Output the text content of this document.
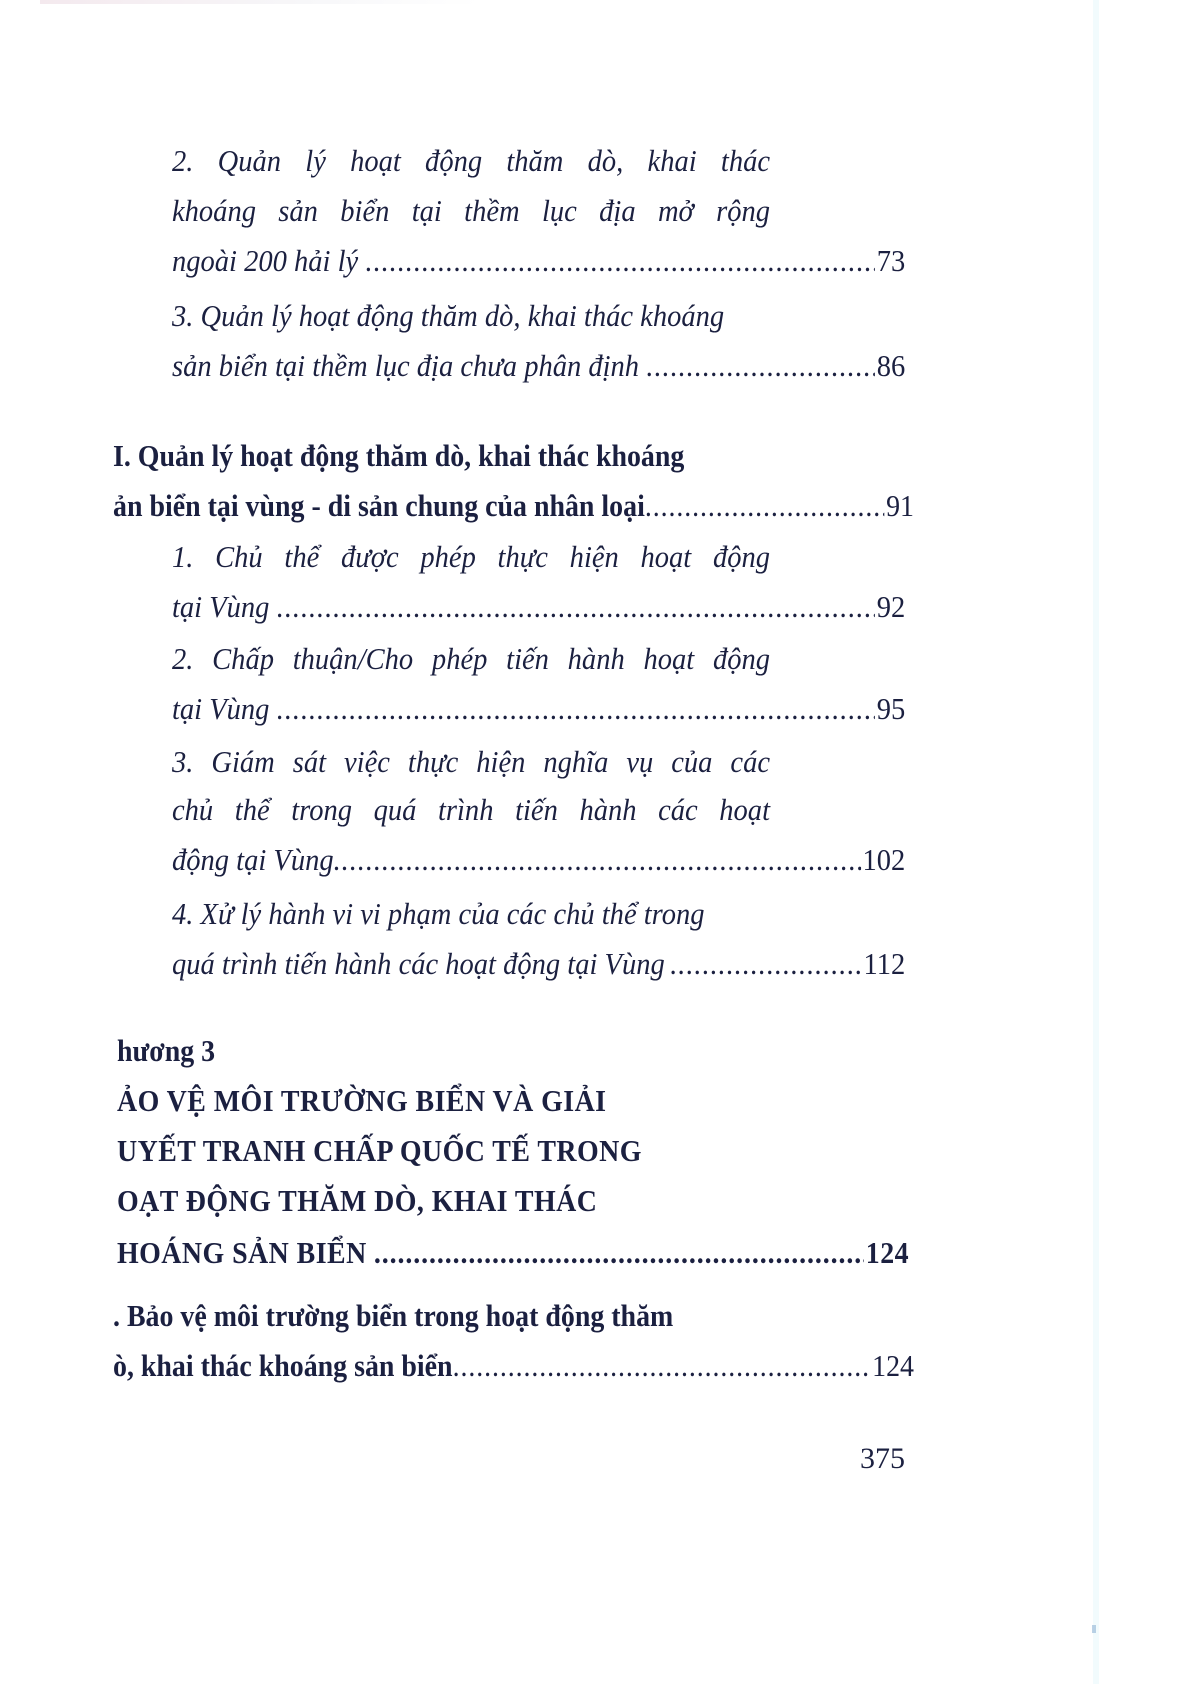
2. Quản lý hoạt động thăm dò, khai thác
khoáng sản biển tại thềm lục địa mở rộng
ngoài 200 hải lý .....	73
3. Quản lý hoạt động thăm dò, khai thác khoáng
sản biển tại thềm lục địa chưa phân định .....	86
I. Quản lý hoạt động thăm dò, khai thác khoáng
ản biển tại vùng - di sản chung của nhân loại .....	91
1. Chủ thể được phép thực hiện hoạt động
tại Vùng .....	92
2. Chấp thuận/Cho phép tiến hành hoạt động
tại Vùng .....	95
3. Giám sát việc thực hiện nghĩa vụ của các
chủ thể trong quá trình tiến hành các hoạt
động tại Vùng .....	102
4. Xử lý hành vi vi phạm của các chủ thể trong
quá trình tiến hành các hoạt động tại Vùng .....	112
hương 3
ẢO VỆ MÔI TRƯỜNG BIỂN VÀ GIẢI
UYẾT TRANH CHẤP QUỐC TẾ TRONG
OẠT ĐỘNG THĂM DÒ, KHAI THÁC
HOÁNG SẢN BIỂN .....	124
. Bảo vệ môi trường biển trong hoạt động thăm
ò, khai thác khoáng sản biển .....	124
375
